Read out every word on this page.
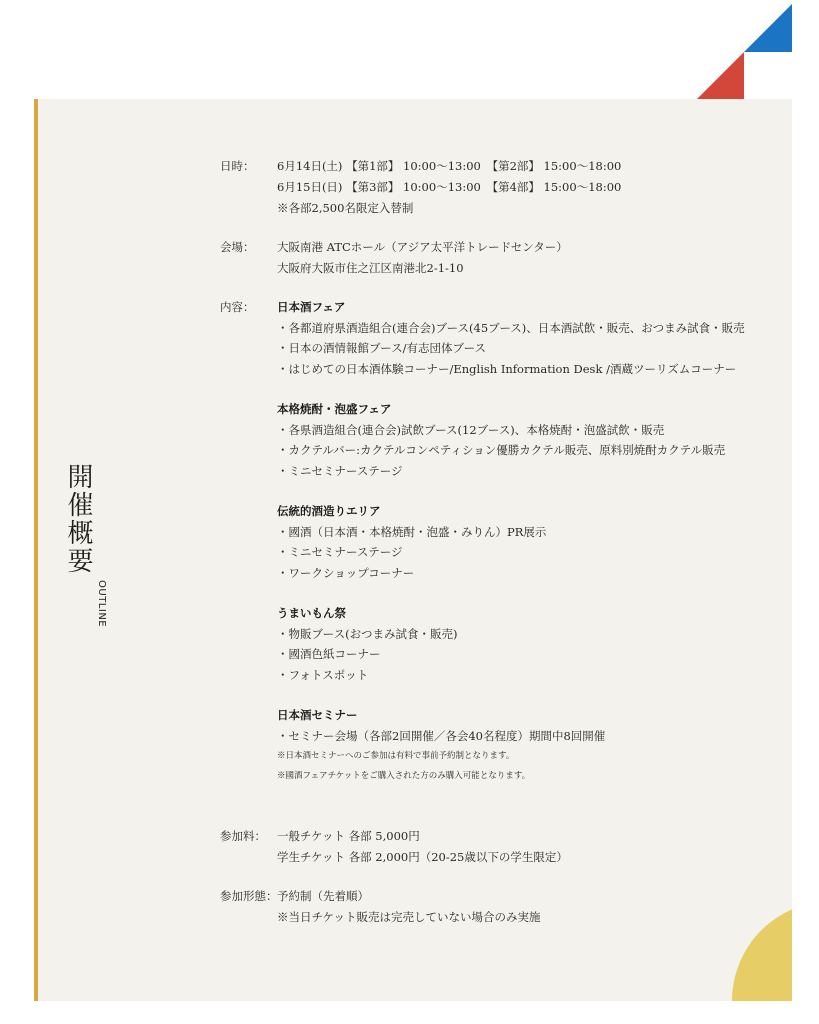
開催概要
OUTLINE
日時： 6月14日(土) 【第1部】 10:00～13:00　【第2部】 15:00～18:00
6月15日(日) 【第3部】 10:00～13:00　【第4部】 15:00～18:00
※各部2,500名限定入替制
会場： 大阪南港 ATCホール（アジア太平洋トレードセンター）
大阪府大阪市住之江区南港北2-1-10
内容： 日本酒フェア
・各都道府県酒造組合(連合会)ブース(45ブース)、日本酒試飲・販売、おつまみ試食・販売
・日本の酒情報館ブース/有志団体ブース
・はじめての日本酒体験コーナー/English Information Desk /酒蔵ツーリズムコーナー
本格焼酎・泡盛フェア
・各県酒造組合(連合会)試飲ブース(12ブース)、本格焼酎・泡盛試飲・販売
・カクテルバー:カクテルコンペティション優勝カクテル販売、原料別焼酎カクテル販売
・ミニセミナーステージ
伝統的酒造りエリア
・國酒（日本酒・本格焼酎・泡盛・みりん）PR展示
・ミニセミナーステージ
・ワークショップコーナー
うまいもん祭
・物販ブース(おつまみ試食・販売)
・國酒色紙コーナー
・フォトスポット
日本酒セミナー
・セミナー会場（各部2回開催／各会40名程度）期間中8回開催
※日本酒セミナーへのご参加は有料で事前予約制となります。
※國酒フェアチケットをご購入された方のみ購入可能となります。
参加料： 一般チケット 各部 5,000円
学生チケット 各部 2,000円（20-25歳以下の学生限定）
参加形態： 予約制（先着順）
※当日チケット販売は完売していない場合のみ実施
